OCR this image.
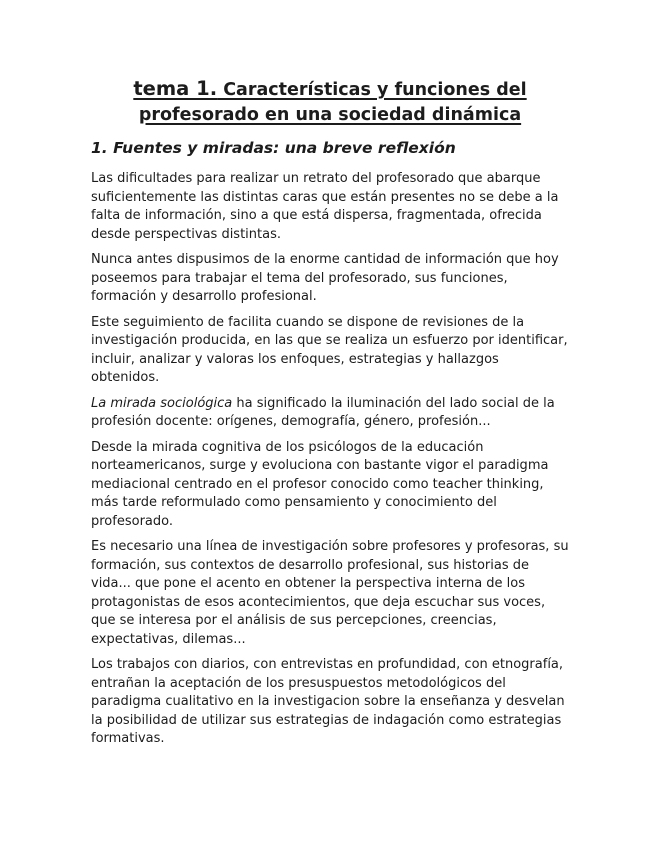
tema 1. Características y funciones del
profesorado en una sociedad dinámica
1. Fuentes y miradas: una breve reflexión

Las dificultades para realizar un retrato del profesorado que abarque suficientemente las distintas caras que están presentes no se debe a la falta de información, sino a que está dispersa, fragmentada, ofrecida desde perspectivas distintas.

Nunca antes dispusimos de la enorme cantidad de información que hoy poseemos para trabajar el tema del profesorado, sus funciones, formación y desarrollo profesional.

Este seguimiento de facilita cuando se dispone de revisiones de la investigación producida, en las que se realiza un esfuerzo por identificar, incluir, analizar y valoras los enfoques, estrategias y hallazgos obtenidos.

La mirada sociológica ha significado la iluminación del lado social de la profesión docente: orígenes, demografía, género, profesión...

Desde la mirada cognitiva de los psicólogos de la educación norteamericanos, surge y evoluciona con bastante vigor el paradigma mediacional centrado en el profesor conocido como teacher thinking, más tarde reformulado como pensamiento y conocimiento del profesorado.

Es necesario una línea de investigación sobre profesores y profesoras, su formación, sus contextos de desarrollo profesional, sus historias de vida... que pone el acento en obtener la perspectiva interna de los protagonistas de esos acontecimientos, que deja escuchar sus voces, que se interesa por el análisis de sus percepciones, creencias, expectativas, dilemas...

Los trabajos con diarios, con entrevistas en profundidad, con etnografía, entrañan la aceptación de los presuspuestos metodológicos del paradigma cualitativo en la investigacion sobre la enseñanza y desvelan la posibilidad de utilizar sus estrategias de indagación como estrategias formativas.
